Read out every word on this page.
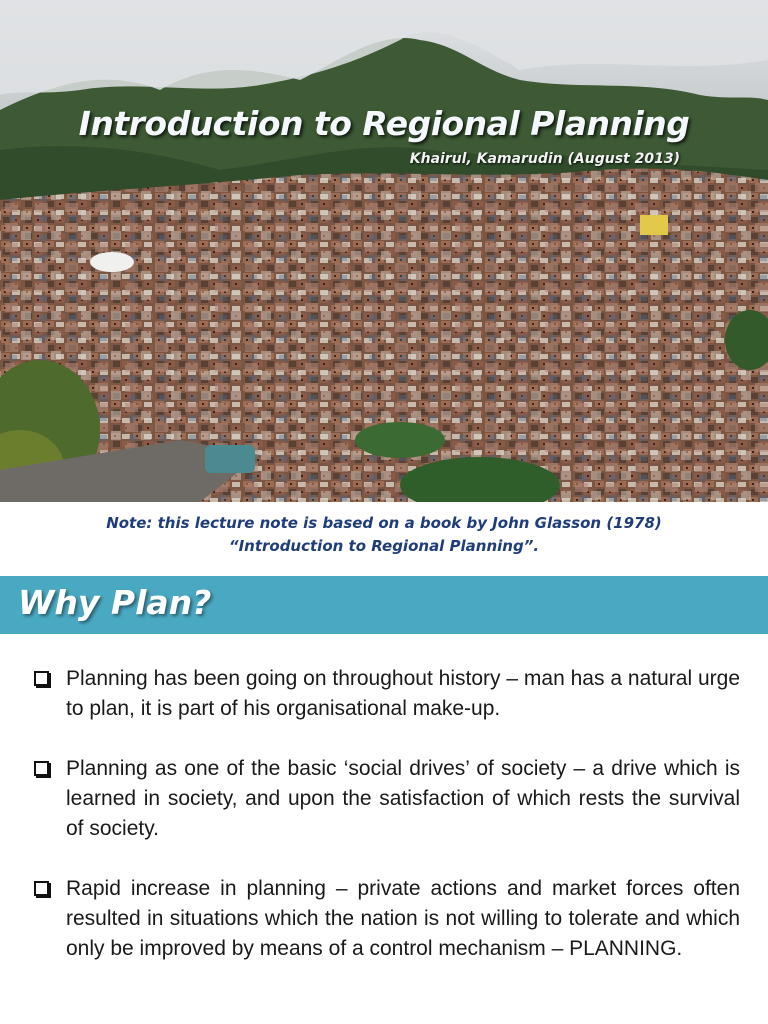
Introduction to Regional Planning
Khairul, Kamarudin (August 2013)
Note: this lecture note is based on a book by John Glasson (1978)
“Introduction to Regional Planning”.
Why Plan?
Planning has been going on throughout history – man has a natural urge to plan, it is part of his organisational make-up.
Planning as one of the basic ‘social drives’ of society – a drive which is learned in society, and upon the satisfaction of which rests the survival of society.
Rapid increase in planning – private actions and market forces often resulted in situations which the nation is not willing to tolerate and which only be improved by means of a control mechanism – PLANNING.
